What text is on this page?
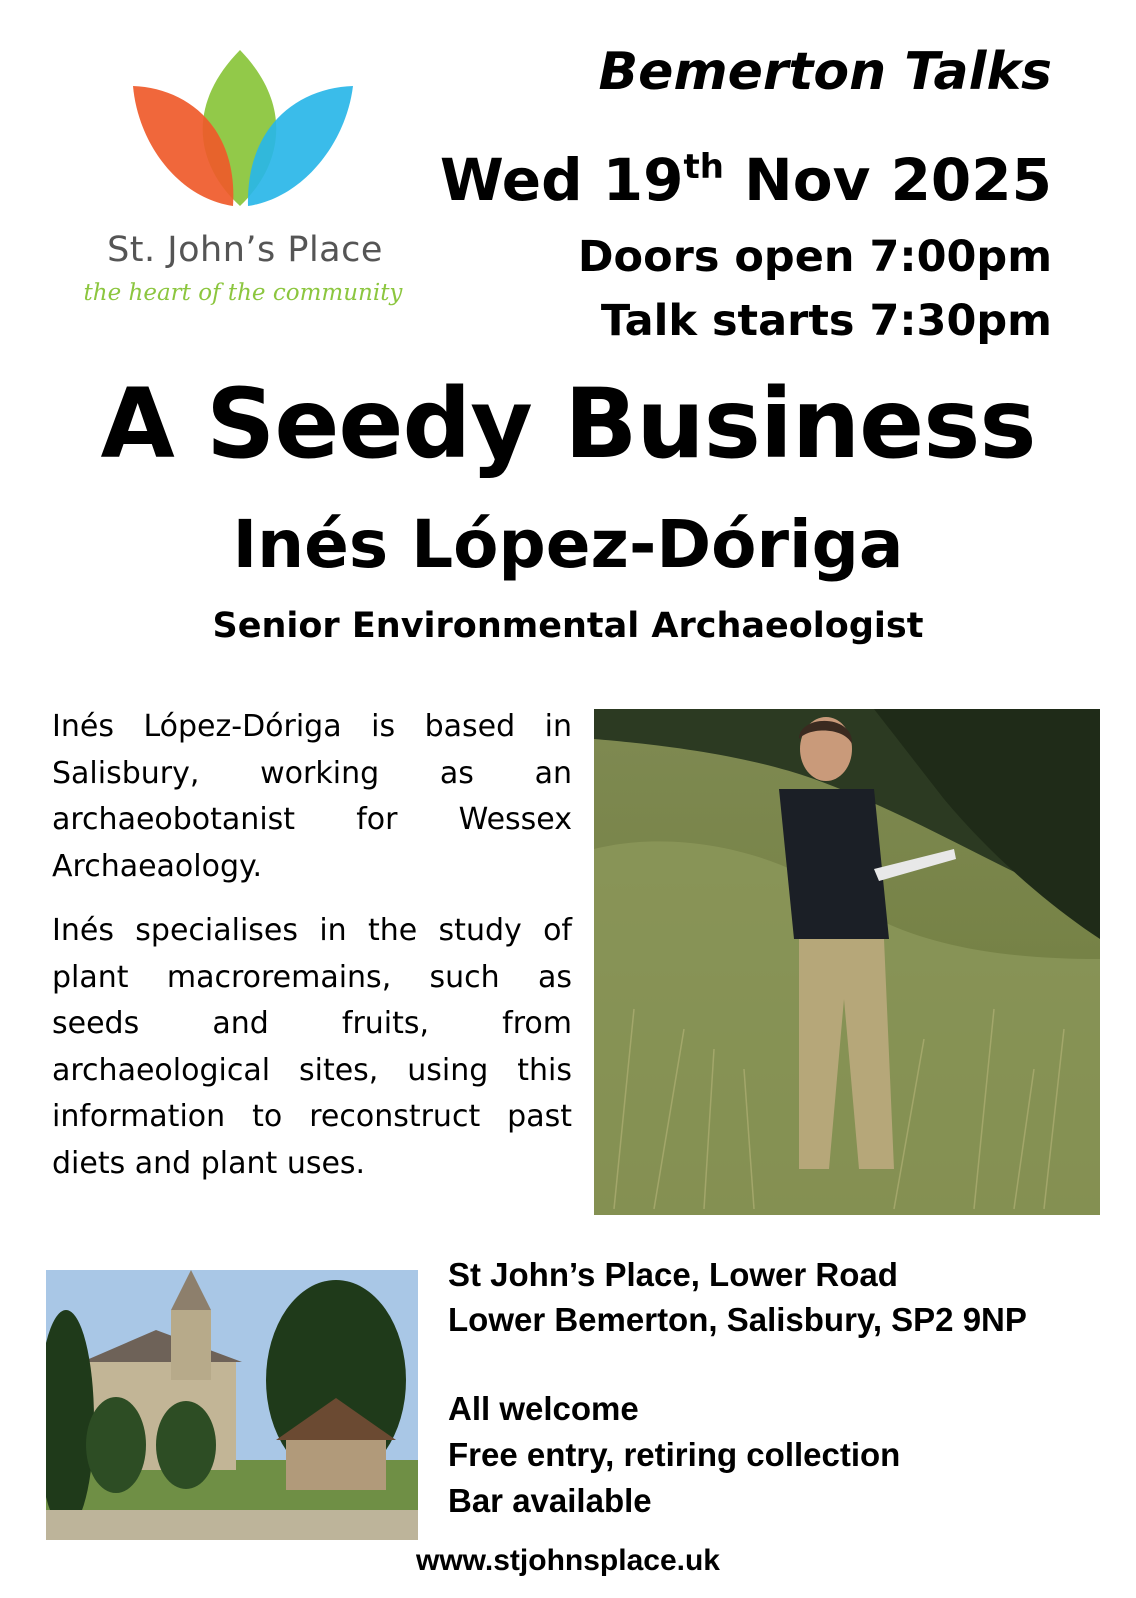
St. John’s Place
the heart of the community
Bemerton Talks
Wed 19th Nov 2025
Doors open 7:00pm
Talk starts 7:30pm
A Seedy Business
Inés López-Dóriga
Senior Environmental Archaeologist

Inés López-Dóriga is based in Salisbury, working as an archaeobotanist for Wessex Archaeaology.

Inés specialises in the study of plant macroremains, such as seeds and fruits, from archaeological sites, using this information to reconstruct past diets and plant uses.

St John’s Place, Lower Road
Lower Bemerton, Salisbury, SP2 9NP
All welcome
Free entry, retiring collection
Bar available
www.stjohnsplace.uk
